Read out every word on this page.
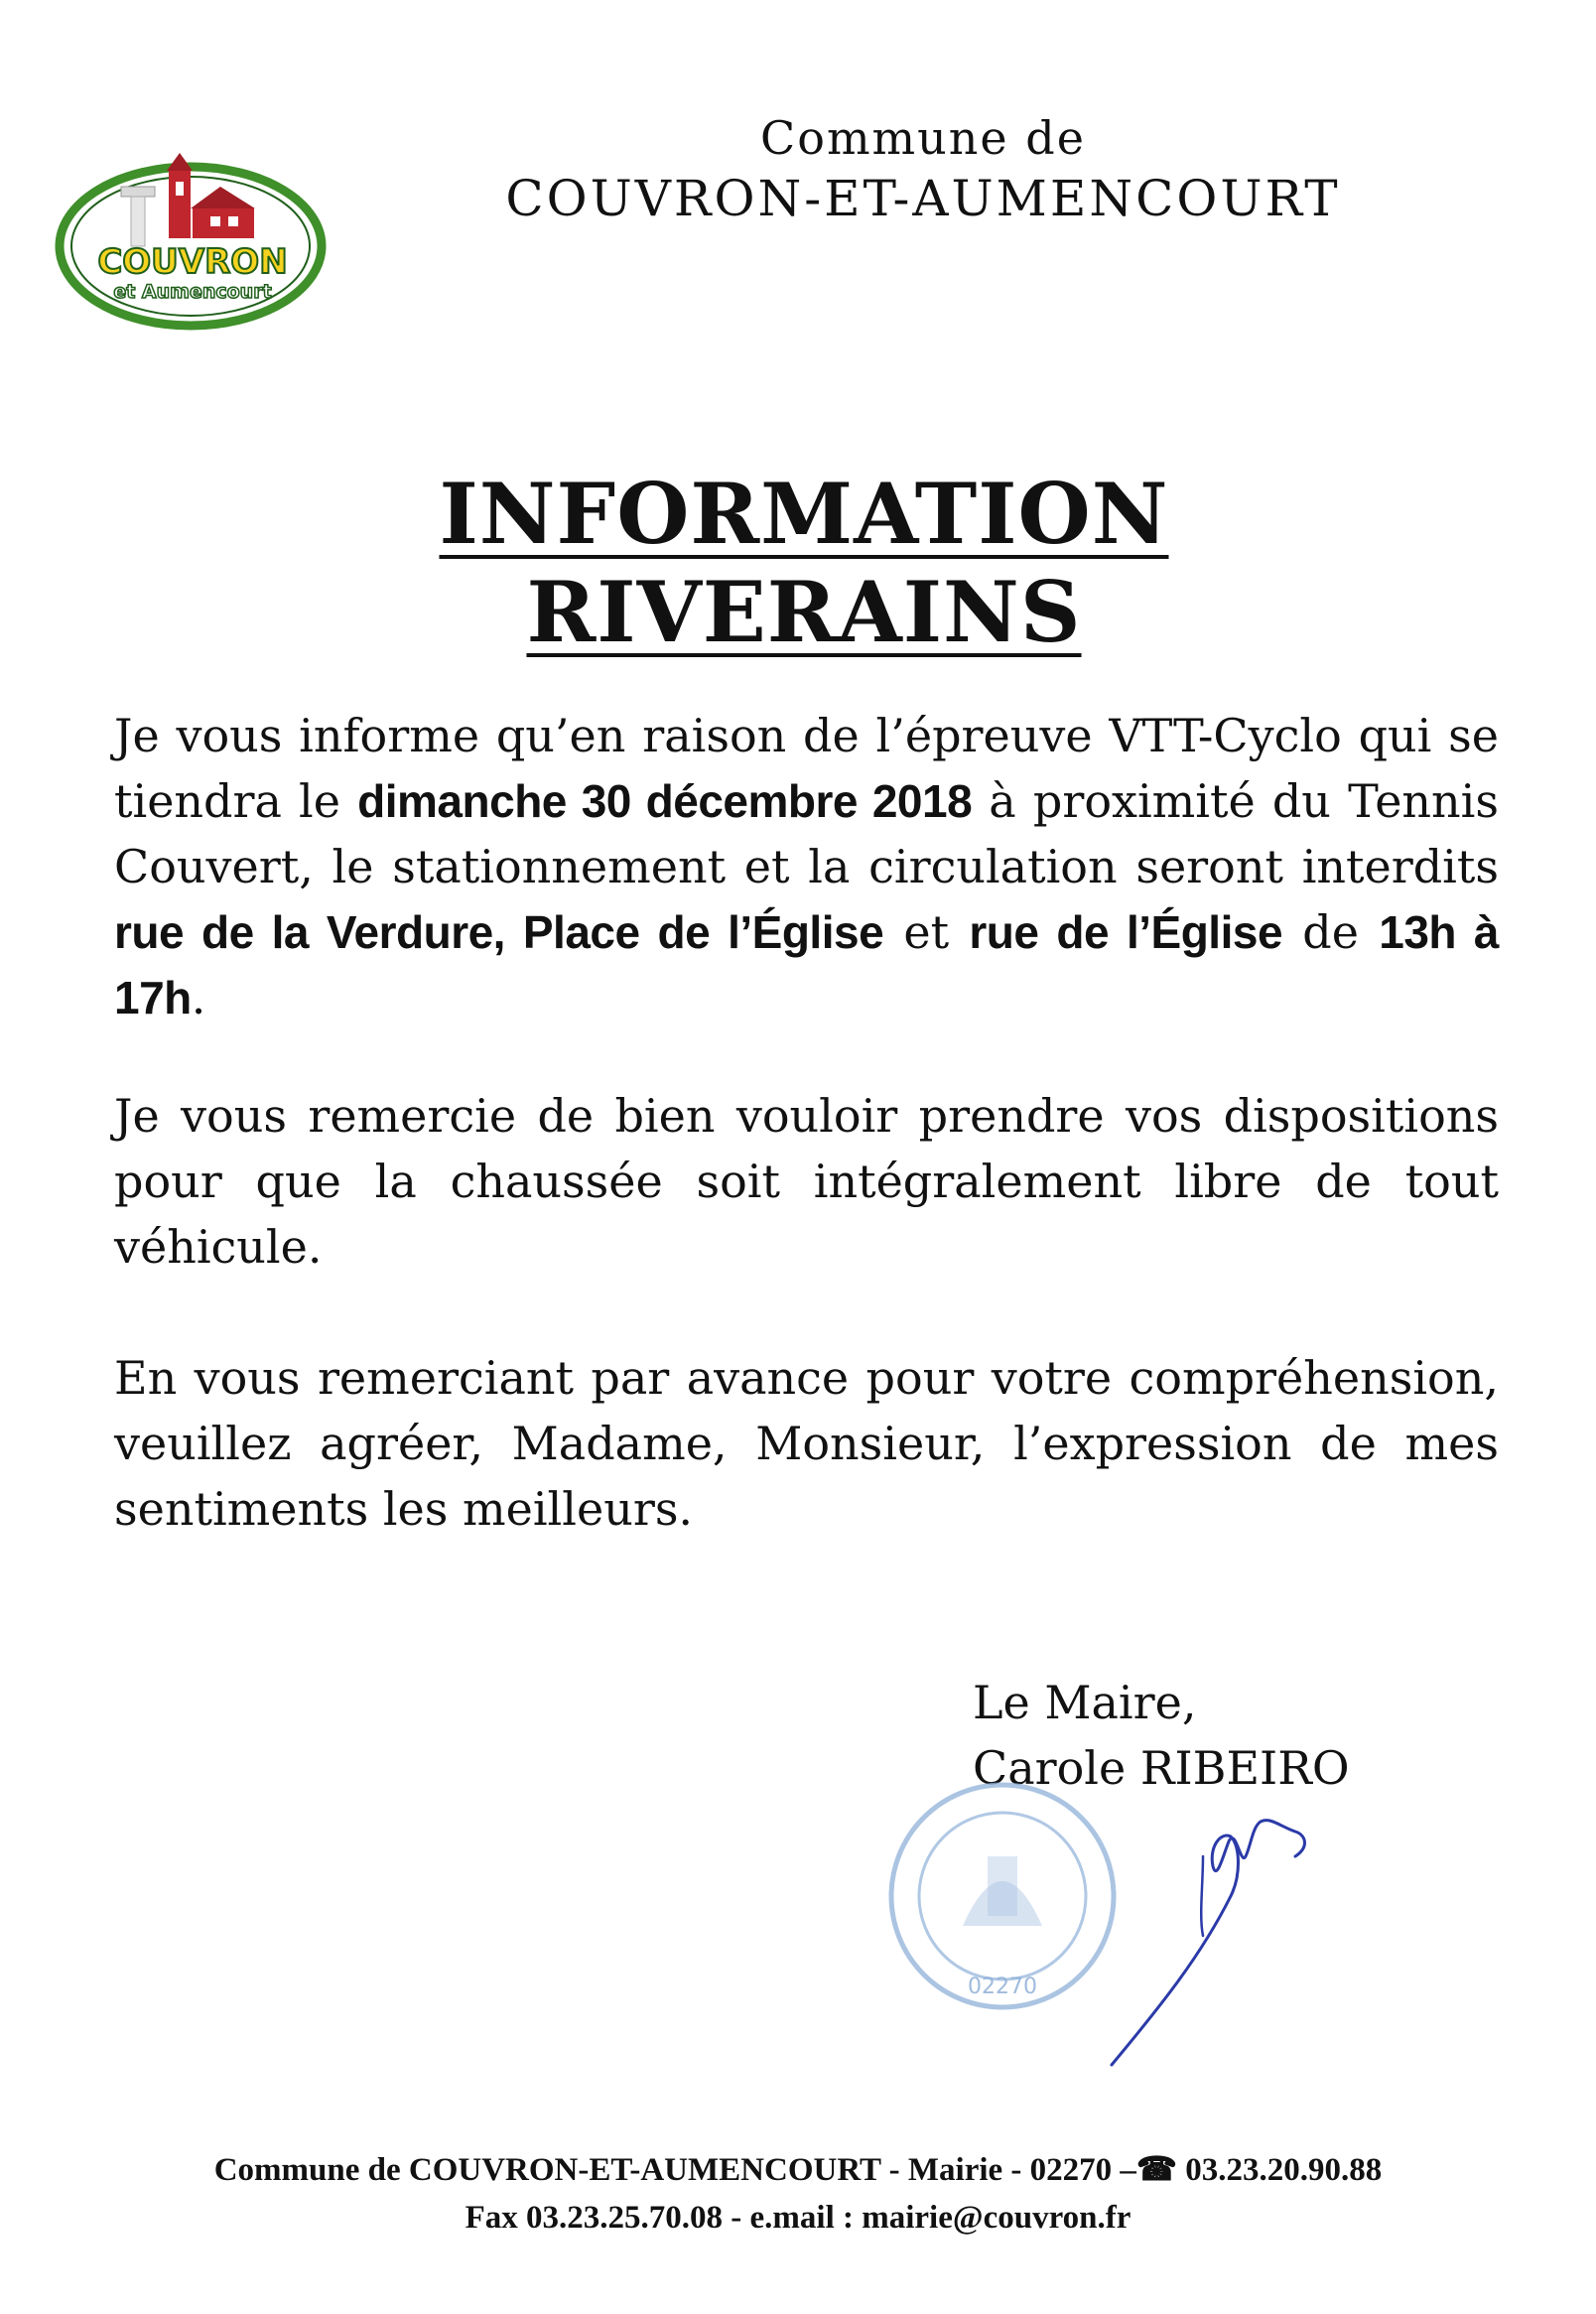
COUVRON
et Aumencourt
Commune de
COUVRON-ET-AUMENCOURT
INFORMATION RIVERAINS
Je vous informe qu’en raison de l’épreuve VTT-Cyclo qui se tiendra le dimanche 30 décembre 2018 à proximité du Tennis Couvert, le stationnement et la circulation seront interdits rue de la Verdure, Place de l’Église et rue de l’Église de 13h à 17h.
Je vous remercie de bien vouloir prendre vos dispositions pour que la chaussée soit intégralement libre de tout véhicule.
En vous remerciant par avance pour votre compréhension, veuillez agréer, Madame, Monsieur, l’expression de mes sentiments les meilleurs.
Le Maire,
Carole RIBEIRO
02270
Commune de COUVRON-ET-AUMENCOURT - Mairie - 02270 –☎ 03.23.20.90.88
Fax 03.23.25.70.08 - e.mail : mairie@couvron.fr
